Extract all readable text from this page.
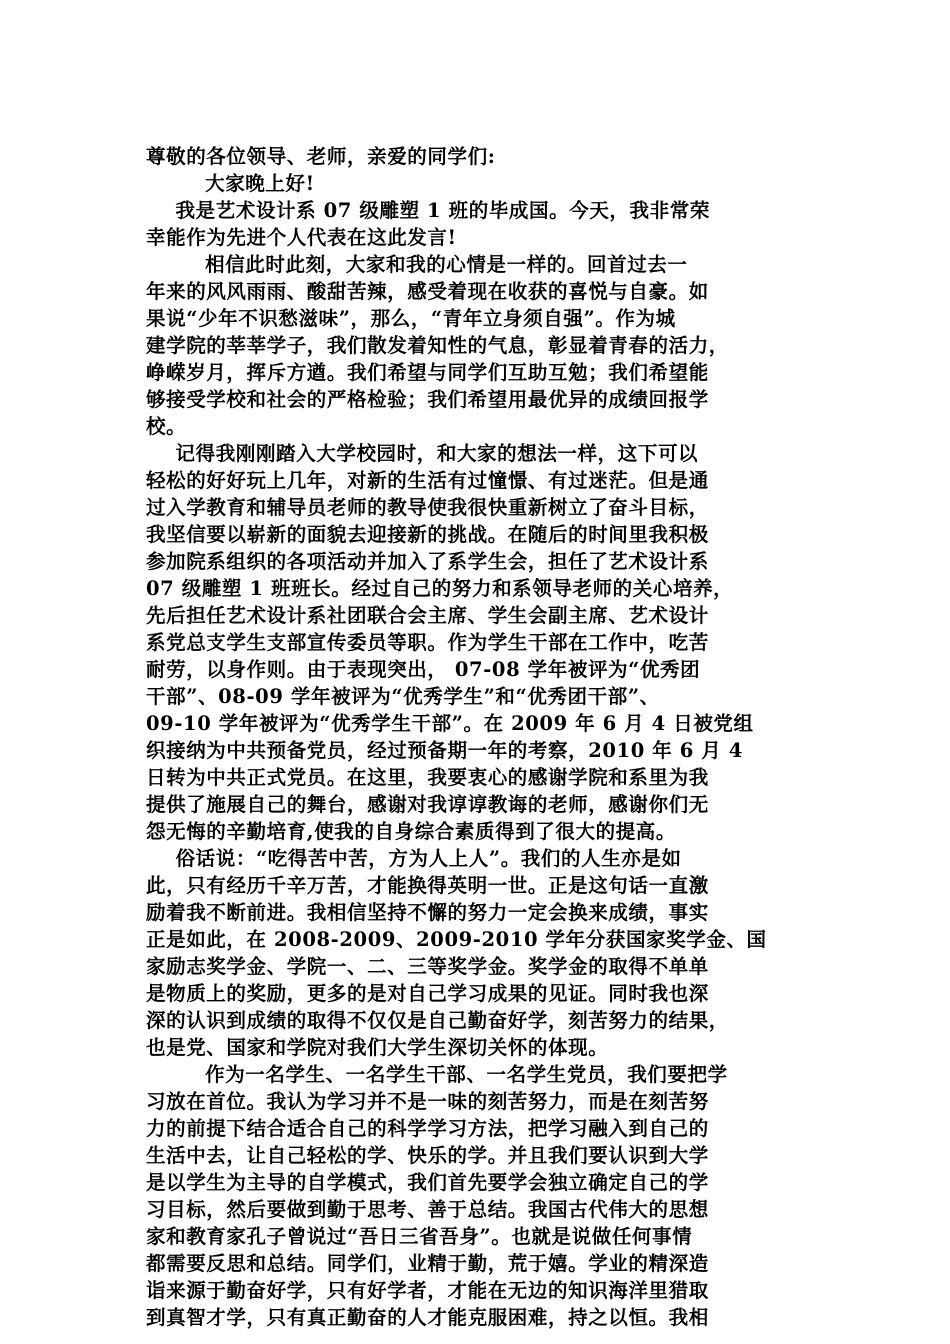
尊敬的各位领导、老师，亲爱的同学们:
大家晚上好!
我是艺术设计系 07 级雕塑 1 班的毕成国。今天，我非常荣
幸能作为先进个人代表在这此发言!
相信此时此刻，大家和我的心情是一样的。回首过去一
年来的风风雨雨、酸甜苦辣，感受着现在收获的喜悦与自豪。如
果说“少年不识愁滋味”，那么，“青年立身须自强”。作为城
建学院的莘莘学子，我们散发着知性的气息，彰显着青春的活力，
峥嵘岁月，挥斥方遒。我们希望与同学们互助互勉；我们希望能
够接受学校和社会的严格检验；我们希望用最优异的成绩回报学
校。
记得我刚刚踏入大学校园时，和大家的想法一样，这下可以
轻松的好好玩上几年，对新的生活有过憧憬、有过迷茫。但是通
过入学教育和辅导员老师的教导使我很快重新树立了奋斗目标，
我坚信要以崭新的面貌去迎接新的挑战。在随后的时间里我积极
参加院系组织的各项活动并加入了系学生会，担任了艺术设计系
07 级雕塑 1 班班长。经过自己的努力和系领导老师的关心培养，
先后担任艺术设计系社团联合会主席、学生会副主席、艺术设计
系党总支学生支部宣传委员等职。作为学生干部在工作中，吃苦
耐劳，以身作则。由于表现突出， 07-08 学年被评为“优秀团
干部”、08-09 学年被评为“优秀学生”和“优秀团干部”、
09-10 学年被评为“优秀学生干部”。在 2009 年 6 月 4 日被党组
织接纳为中共预备党员，经过预备期一年的考察，2010 年 6 月 4
日转为中共正式党员。在这里，我要衷心的感谢学院和系里为我
提供了施展自己的舞台，感谢对我谆谆教诲的老师，感谢你们无
怨无悔的辛勤培育,使我的自身综合素质得到了很大的提高。
俗话说：“吃得苦中苦，方为人上人”。我们的人生亦是如
此，只有经历千辛万苦，才能换得英明一世。正是这句话一直激
励着我不断前进。我相信坚持不懈的努力一定会换来成绩，事实
正是如此，在 2008-2009、2009-2010 学年分获国家奖学金、国
家励志奖学金、学院一、二、三等奖学金。奖学金的取得不单单
是物质上的奖励，更多的是对自己学习成果的见证。同时我也深
深的认识到成绩的取得不仅仅是自己勤奋好学，刻苦努力的结果，
也是党、国家和学院对我们大学生深切关怀的体现。
作为一名学生、一名学生干部、一名学生党员，我们要把学
习放在首位。我认为学习并不是一味的刻苦努力，而是在刻苦努
力的前提下结合适合自己的科学学习方法，把学习融入到自己的
生活中去，让自己轻松的学、快乐的学。并且我们要认识到大学
是以学生为主导的自学模式，我们首先要学会独立确定自己的学
习目标，然后要做到勤于思考、善于总结。我国古代伟大的思想
家和教育家孔子曾说过“吾日三省吾身”。也就是说做任何事情
都需要反思和总结。同学们，业精于勤，荒于嬉。学业的精深造
诣来源于勤奋好学，只有好学者，才能在无边的知识海洋里猎取
到真智才学，只有真正勤奋的人才能克服困难，持之以恒。我相
